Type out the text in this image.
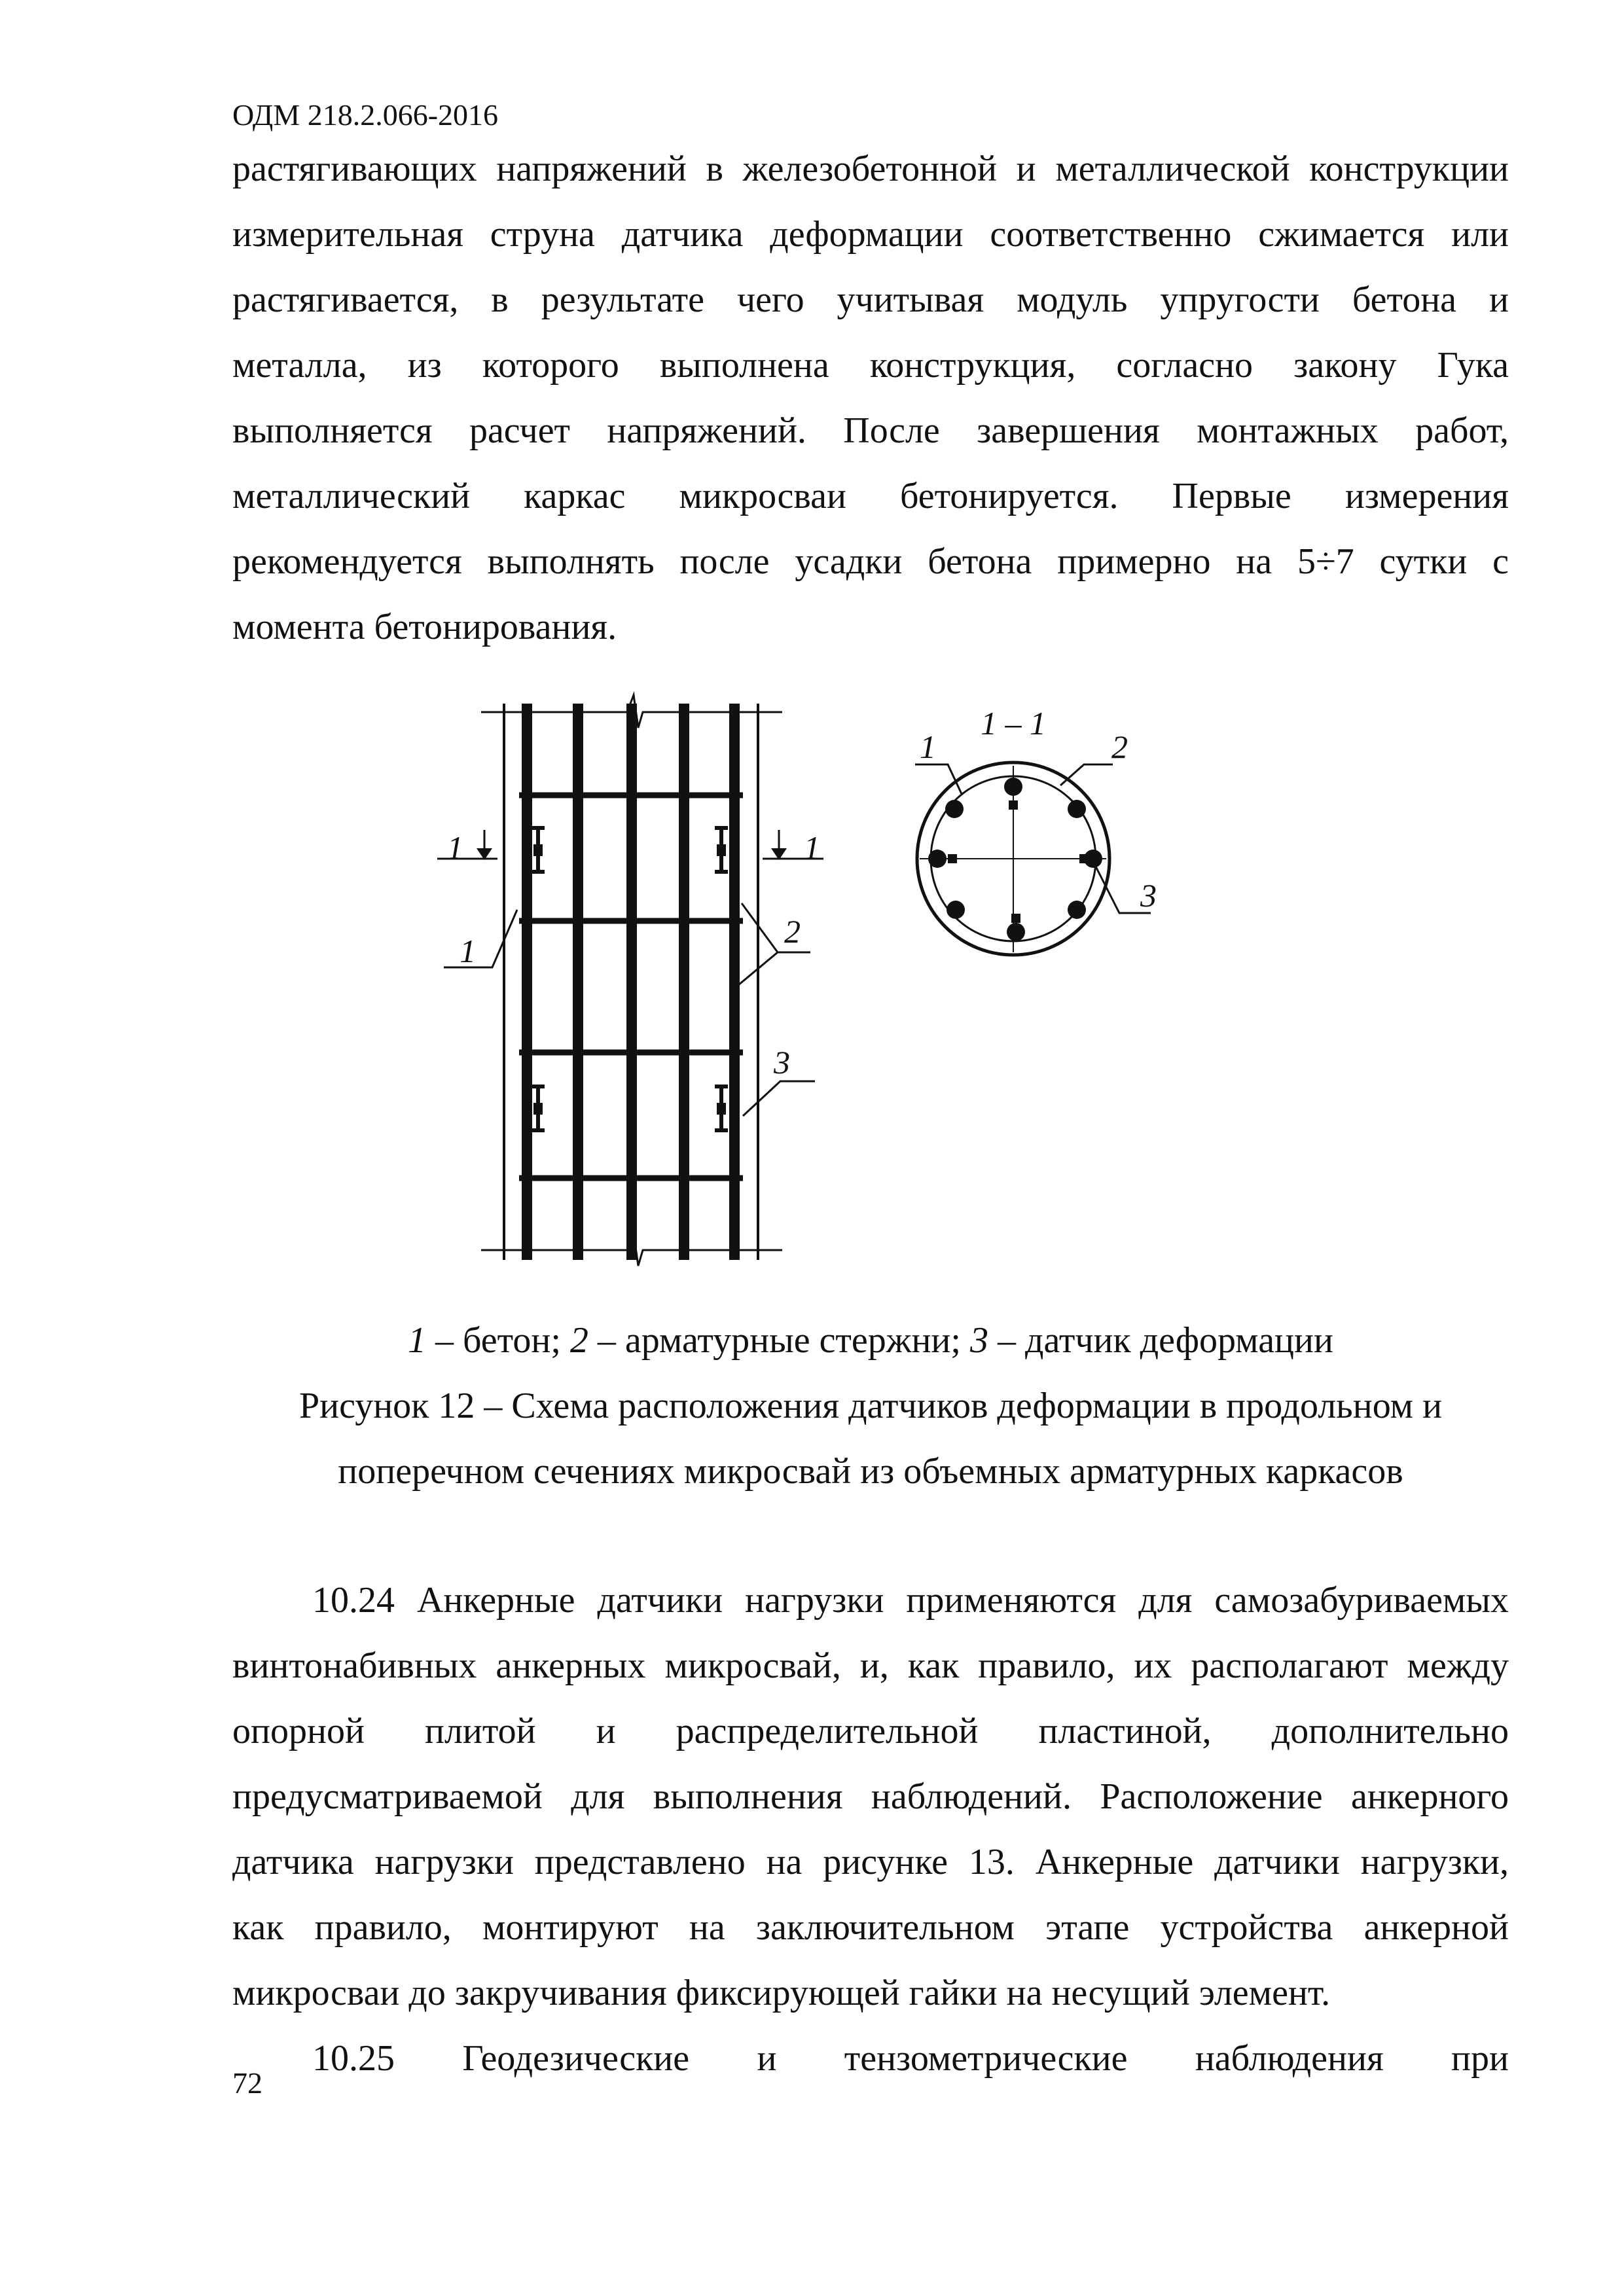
ОДМ 218.2.066-2016

растягивающих напряжений в железобетонной и металлической конструкции

измерительная струна датчика деформации соответственно сжимается или

растягивается, в результате чего учитывая модуль упругости бетона и

металла, из которого выполнена конструкция, согласно закону Гука

выполняется расчет напряжений. После завершения монтажных работ,

металлический каркас микросваи бетонируется. Первые измерения

рекомендуется выполнять после усадки бетона примерно на 5÷7 сутки с

момента бетонирования.

1 – 1
1	1
1
2
3
1	2
3

1 – бетон; 2 – арматурные стержни; 3 – датчик деформации

Рисунок 12 – Схема расположения датчиков деформации в продольном и

поперечном сечениях микросвай из объемных арматурных каркасов

10.24 Анкерные датчики нагрузки применяются для самозабуриваемых

винтонабивных анкерных микросвай, и, как правило, их располагают между

опорной плитой и распределительной пластиной, дополнительно

предусматриваемой для выполнения наблюдений. Расположение анкерного

датчика нагрузки представлено на рисунке 13. Анкерные датчики нагрузки,

как правило, монтируют на заключительном этапе устройства анкерной

микросваи до закручивания фиксирующей гайки на несущий элемент.

10.25 Геодезические и тензометрические наблюдения при

72
